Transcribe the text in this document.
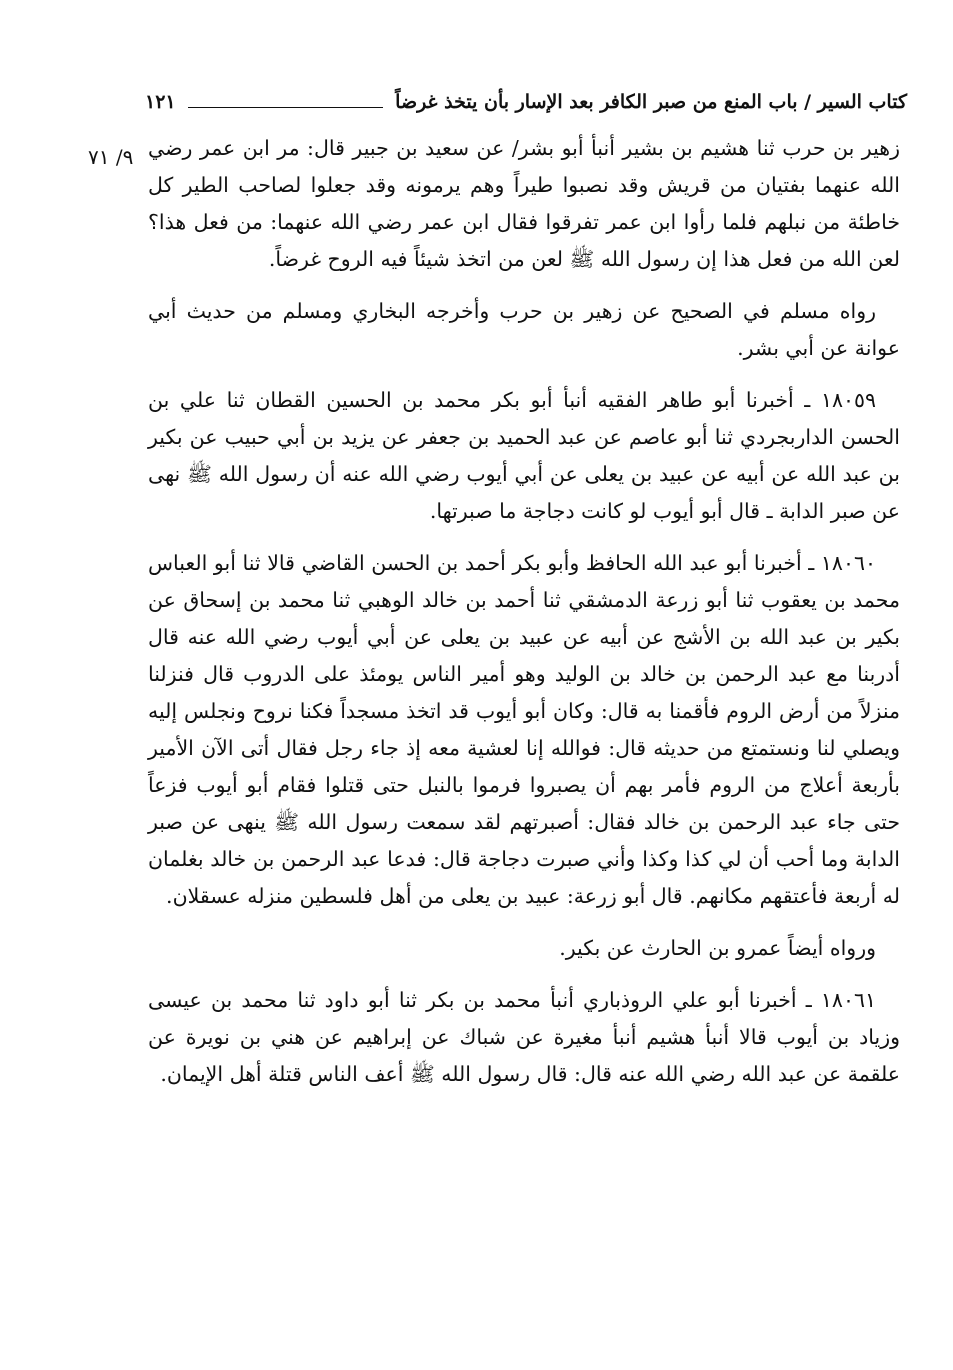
كتاب السير / باب المنع من صبر الكافر بعد الإسار بأن يتخذ غرضاً
١٢١
٩/ ٧١ زهير بن حرب ثنا هشيم بن بشير أنبأ أبو بشر/ عن سعيد بن جبير قال: مر ابن عمر رضي الله عنهما بفتيان من قريش وقد نصبوا طيراً وهم يرمونه وقد جعلوا لصاحب الطير كل خاطئة من نبلهم فلما رأوا ابن عمر تفرقوا فقال ابن عمر رضي الله عنهما: من فعل هذا؟ لعن الله من فعل هذا إن رسول الله ﷺ لعن من اتخذ شيئاً فيه الروح غرضاً.

رواه مسلم في الصحيح عن زهير بن حرب وأخرجه البخاري ومسلم من حديث أبي عوانة عن أبي بشر.

١٨٠٥٩ ـ أخبرنا أبو طاهر الفقيه أنبأ أبو بكر محمد بن الحسين القطان ثنا علي بن الحسن الداربجردي ثنا أبو عاصم عن عبد الحميد بن جعفر عن يزيد بن أبي حبيب عن بكير بن عبد الله عن أبيه عن عبيد بن يعلى عن أبي أيوب رضي الله عنه أن رسول الله ﷺ نهى عن صبر الدابة ـ قال أبو أيوب لو كانت دجاجة ما صبرتها.

١٨٠٦٠ ـ أخبرنا أبو عبد الله الحافظ وأبو بكر أحمد بن الحسن القاضي قالا ثنا أبو العباس محمد بن يعقوب ثنا أبو زرعة الدمشقي ثنا أحمد بن خالد الوهبي ثنا محمد بن إسحاق عن بكير بن عبد الله بن الأشج عن أبيه عن عبيد بن يعلى عن أبي أيوب رضي الله عنه قال أدربنا مع عبد الرحمن بن خالد بن الوليد وهو أمير الناس يومئذ على الدروب قال فنزلنا منزلاً من أرض الروم فأقمنا به قال: وكان أبو أيوب قد اتخذ مسجداً فكنا نروح ونجلس إليه ويصلي لنا ونستمتع من حديثه قال: فوالله إنا لعشية معه إذ جاء رجل فقال أتى الآن الأمير بأربعة أعلاج من الروم فأمر بهم أن يصبروا فرموا بالنبل حتى قتلوا فقام أبو أيوب فزعاً حتى جاء عبد الرحمن بن خالد فقال: أصبرتهم لقد سمعت رسول الله ﷺ ينهى عن صبر الدابة وما أحب أن لي كذا وكذا وأني صبرت دجاجة قال: فدعا عبد الرحمن بن خالد بغلمان له أربعة فأعتقهم مكانهم. قال أبو زرعة: عبيد بن يعلى من أهل فلسطين منزله عسقلان.

ورواه أيضاً عمرو بن الحارث عن بكير.

١٨٠٦١ ـ أخبرنا أبو علي الروذباري أنبأ محمد بن بكر ثنا أبو داود ثنا محمد بن عيسى وزياد بن أيوب قالا أنبأ هشيم أنبأ مغيرة عن شباك عن إبراهيم عن هني بن نويرة عن علقمة عن عبد الله رضي الله عنه قال: قال رسول الله ﷺ أعف الناس قتلة أهل الإيمان.
